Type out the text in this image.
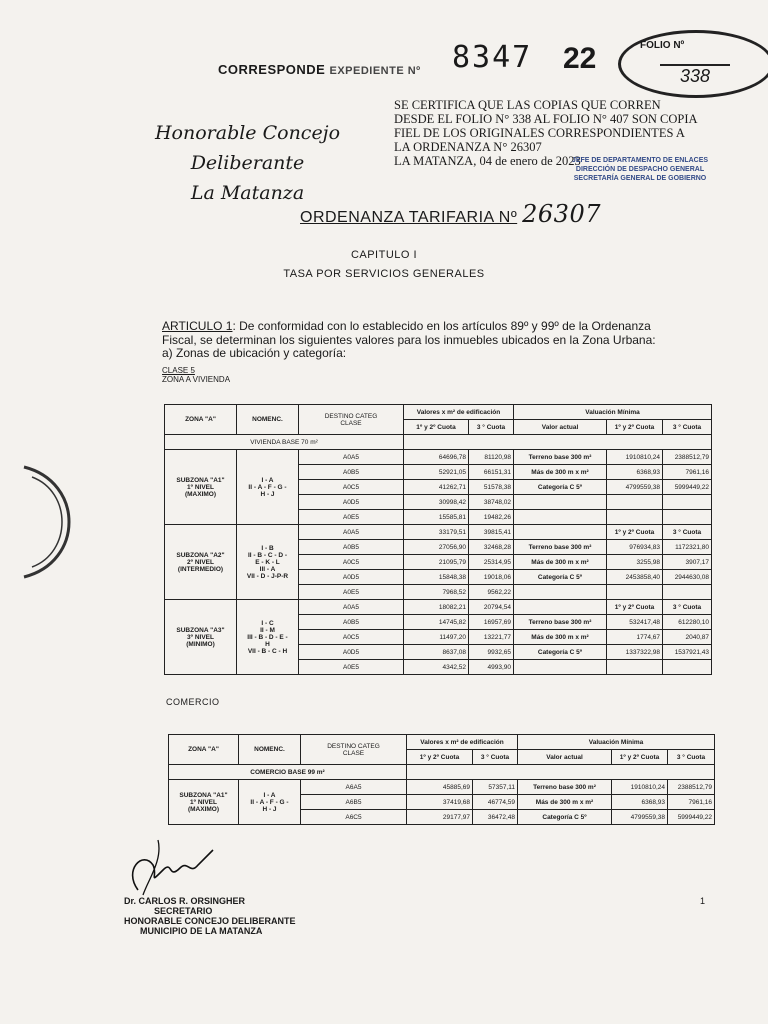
CORRESPONDE EXPEDIENTE Nº 8347 22	FOLIO Nº
338
SE CERTIFICA QUE LAS COPIAS QUE CORREN
DESDE EL FOLIO N° 338 AL FOLIO N° 407 SON COPIA
FIEL DE LOS ORIGINALES CORRESPONDIENTES A
LA ORDENANZA N° 26307
LA MATANZA, 04 de enero de 2023
JEFE DE DEPARTAMENTO DE ENLACES
DIRECCIÓN DE DESPACHO GENERAL
SECRETARÍA GENERAL DE GOBIERNO
Honorable Concejo Deliberante
La Matanza
ORDENANZA TARIFARIA Nº 26307
CAPITULO I
TASA POR SERVICIOS GENERALES
ARTICULO 1: De conformidad con lo establecido en los artículos 89º y 99º de la Ordenanza
Fiscal, se determinan los siguientes valores para los inmuebles ubicados en la Zona Urbana:
a) Zonas de ubicación y categoría:
CLASE 5
ZONA A VIVIENDA
ZONA "A"	NOMENC.	DESTINO CATEG
CLASE	Valores x m² de edificación		Valuación Mínima		
			1º y 2º Cuota	3 ° Cuota	Valor actual	1º y 2º Cuota	3 ° Cuota
VIVIENDA BASE 70 m²							
SUBZONA "A1"
1º NIVEL
(MAXIMO)	I - A
II - A - F - G -
H - J	A0A5	64696,78	81120,98	Terreno base 300 m²	1910810,24	2388512,79
		A0B5	52921,05	66151,31	Más de 300 m x m²	6368,93	7961,16
		A0C5	41262,71	51578,38	Categoría C 5º	4799559,38	5999449,22
		A0D5	30998,42	38748,02			
		A0E5	15585,81	19482,26			
SUBZONA "A2"
2º NIVEL
(INTERMEDIO)	I - B
II - B - C - D -
E - K - L
III - A
VII - D - J-P-R	A0A5	33179,51	39815,41		1º y 2º Cuota	3 ° Cuota
		A0B5	27056,90	32468,28	Terreno base 300 m²	976934,83	1172321,80
		A0C5	21095,79	25314,95	Más de 300 m x m²	3255,98	3907,17
		A0D5	15848,38	19018,06	Categoría C 5º	2453858,40	2944630,08
		A0E5	7968,52	9562,22			
SUBZONA "A3"
3º NIVEL
(MINIMO)	I - C
II - M
III - B - D - E -
H
VII - B - C - H	A0A5	18082,21	20794,54		1º y 2º Cuota	3 ° Cuota
		A0B5	14745,82	16957,69	Terreno base 300 m²	532417,48	612280,10
		A0C5	11497,20	13221,77	Más de 300 m x m²	1774,67	2040,87
		A0D5	8637,08	9932,65	Categoría C 5º	1337322,98	1537921,43
		A0E5	4342,52	4993,90			
COMERCIO
ZONA "A"	NOMENC.	DESTINO CATEG
CLASE	Valores x m² de edificación		Valuación Mínima		
			1º y 2º Cuota	3 ° Cuota	Valor actual	1º y 2º Cuota	3 ° Cuota
COMERCIO BASE 99 m²							
SUBZONA "A1"
1º NIVEL
(MAXIMO)	I - A
II - A - F - G -
H - J	A6A5	45885,69	57357,11	Terreno base 300 m²	1910810,24	2388512,79
		A6B5	37419,68	46774,59	Más de 300 m x m²	6368,93	7961,16
		A6C5	29177,97	36472,48	Categoría C 5º	4799559,38	5999449,22
Dr. CARLOS R. ORSINGHER
SECRETARIO
HONORABLE CONCEJO DELIBERANTE
MUNICIPIO DE LA MATANZA
1
